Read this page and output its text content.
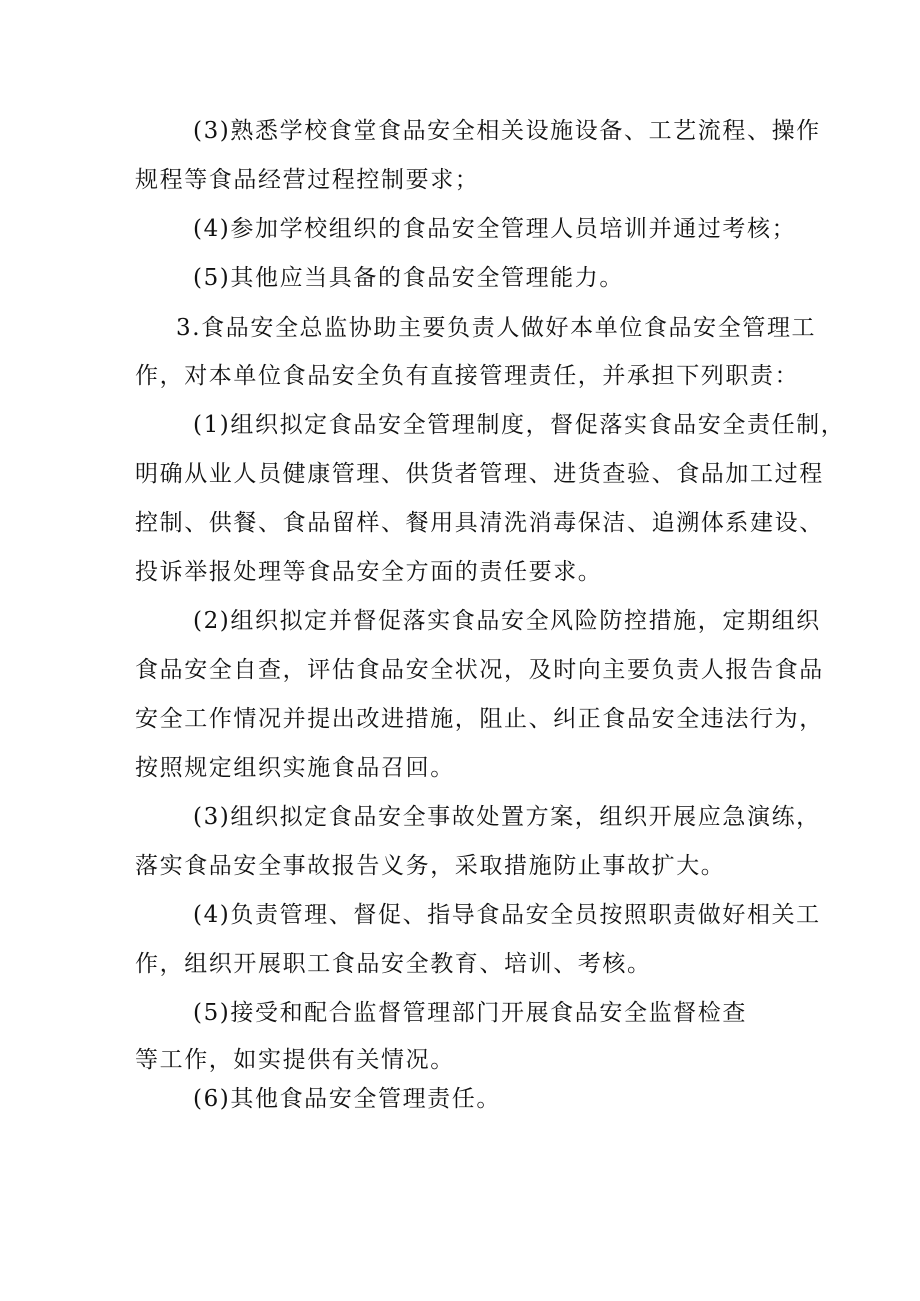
(3)熟悉学校食堂食品安全相关设施设备、工艺流程、操作
规程等食品经营过程控制要求；
(4)参加学校组织的食品安全管理人员培训并通过考核；
(5)其他应当具备的食品安全管理能力。
3.食品安全总监协助主要负责人做好本单位食品安全管理工
作，对本单位食品安全负有直接管理责任，并承担下列职责：
(1)组织拟定食品安全管理制度，督促落实食品安全责任制，
明确从业人员健康管理、供货者管理、进货查验、食品加工过程
控制、供餐、食品留样、餐用具清洗消毒保洁、追溯体系建设、
投诉举报处理等食品安全方面的责任要求。
(2)组织拟定并督促落实食品安全风险防控措施，定期组织
食品安全自查，评估食品安全状况，及时向主要负责人报告食品
安全工作情况并提出改进措施，阻止、纠正食品安全违法行为，
按照规定组织实施食品召回。
(3)组织拟定食品安全事故处置方案，组织开展应急演练，
落实食品安全事故报告义务，采取措施防止事故扩大。
(4)负责管理、督促、指导食品安全员按照职责做好相关工
作，组织开展职工食品安全教育、培训、考核。
(5)接受和配合监督管理部门开展食品安全监督检查
等工作，如实提供有关情况。
(6)其他食品安全管理责任。
